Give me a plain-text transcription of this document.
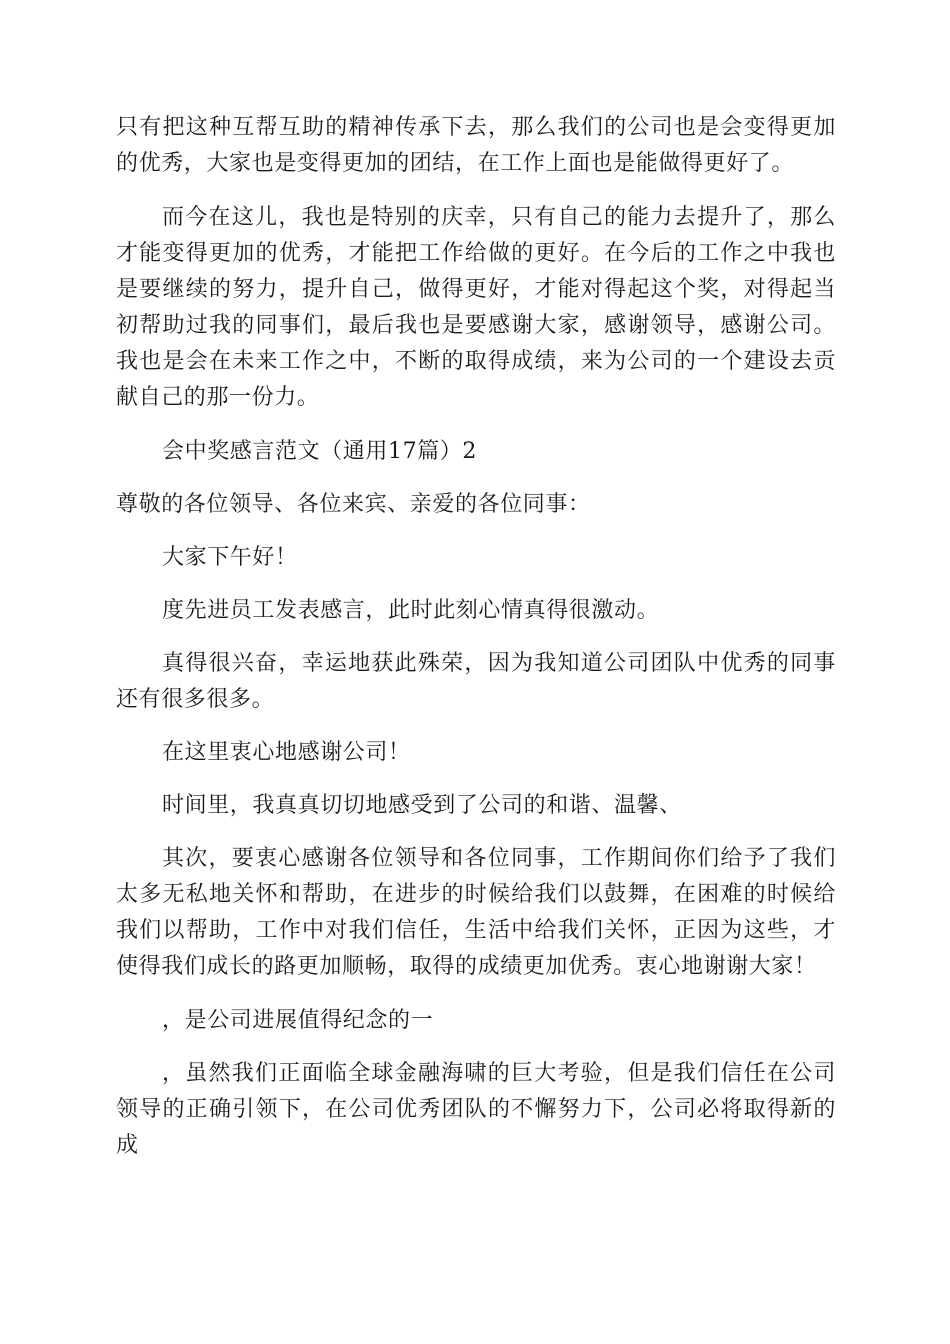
只有把这种互帮互助的精神传承下去，那么我们的公司也是会变得更加的优秀，大家也是变得更加的团结，在工作上面也是能做得更好了。

而今在这儿，我也是特别的庆幸，只有自己的能力去提升了，那么才能变得更加的优秀，才能把工作给做的更好。在今后的工作之中我也是要继续的努力，提升自己，做得更好，才能对得起这个奖，对得起当初帮助过我的同事们，最后我也是要感谢大家，感谢领导，感谢公司。我也是会在未来工作之中，不断的取得成绩，来为公司的一个建设去贡献自己的那一份力。

会中奖感言范文（通用17篇）2

尊敬的各位领导、各位来宾、亲爱的各位同事：

大家下午好！

度先进员工发表感言，此时此刻心情真得很激动。

真得很兴奋，幸运地获此殊荣，因为我知道公司团队中优秀的同事还有很多很多。

在这里衷心地感谢公司！

时间里，我真真切切地感受到了公司的和谐、温馨、

其次，要衷心感谢各位领导和各位同事，工作期间你们给予了我们太多无私地关怀和帮助，在进步的时候给我们以鼓舞，在困难的时候给我们以帮助，工作中对我们信任，生活中给我们关怀，正因为这些，才使得我们成长的路更加顺畅，取得的成绩更加优秀。衷心地谢谢大家！

，是公司进展值得纪念的一

，虽然我们正面临全球金融海啸的巨大考验，但是我们信任在公司领导的正确引领下，在公司优秀团队的不懈努力下，公司必将取得新的成
